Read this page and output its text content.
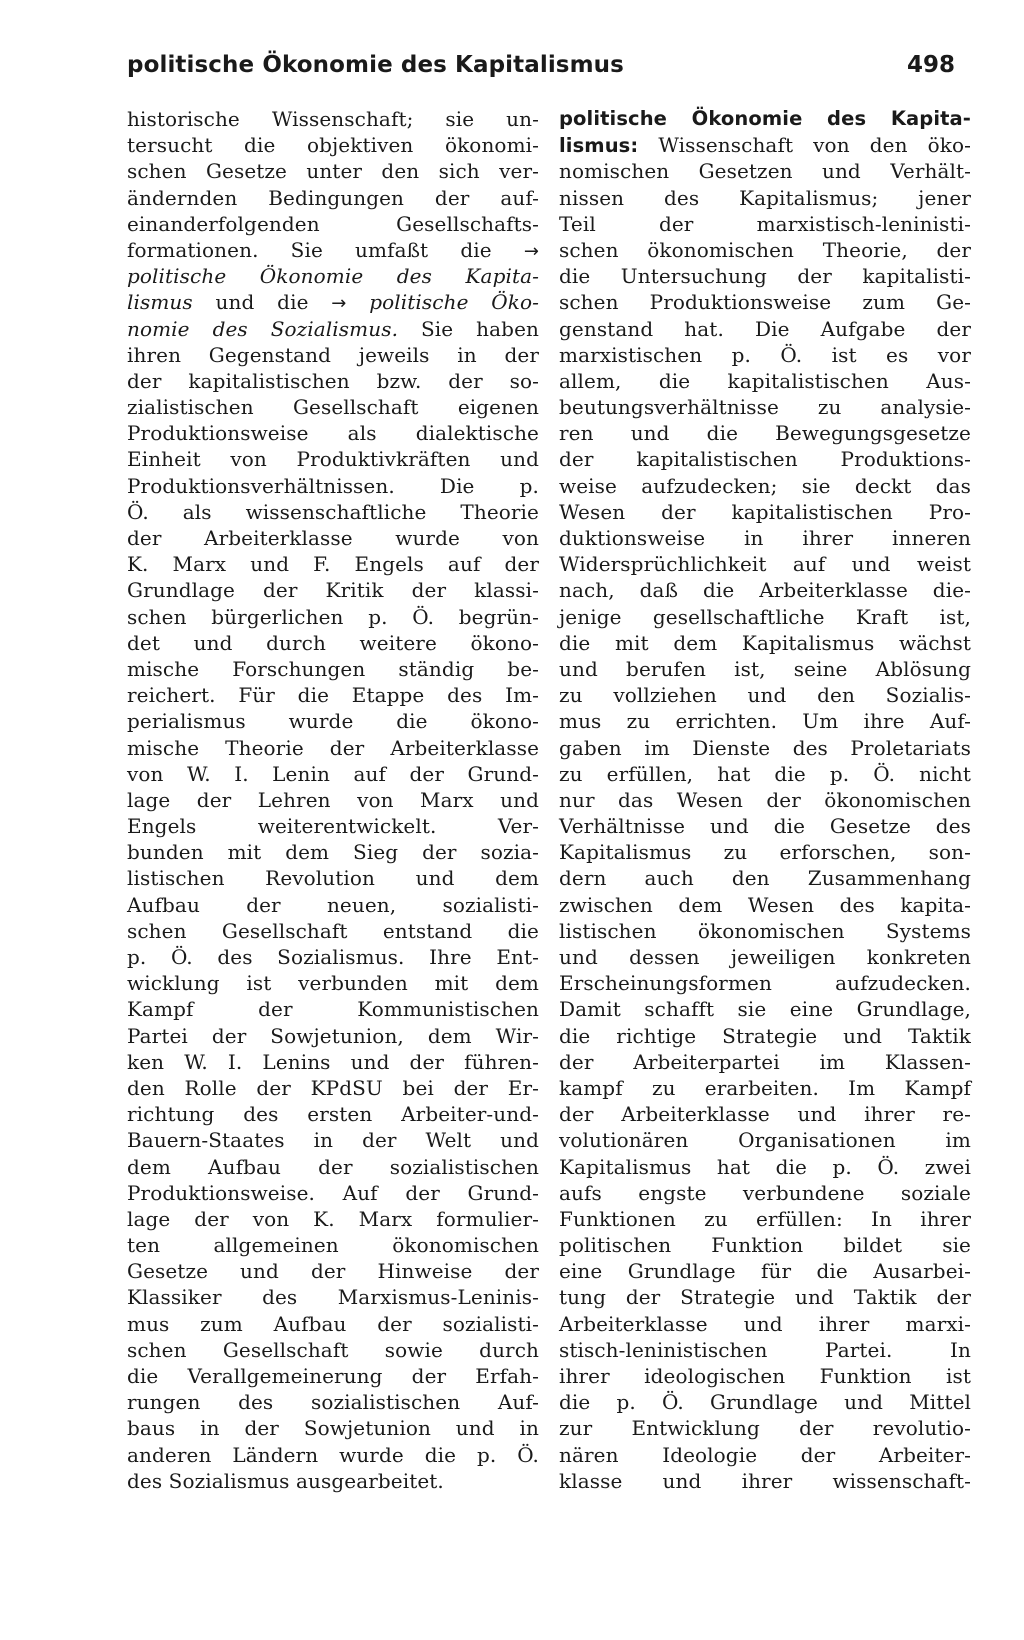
politische Ökonomie des Kapitalismus	498
historische Wissenschaft; sie un-
tersucht die objektiven ökonomi-
schen Gesetze unter den sich ver-
ändernden Bedingungen der auf-
einanderfolgenden Gesellschafts-
formationen. Sie umfaßt die →
politische Ökonomie des Kapita-
lismus und die → politische Öko-
nomie des Sozialismus. Sie haben
ihren Gegenstand jeweils in der
der kapitalistischen bzw. der so-
zialistischen Gesellschaft eigenen
Produktionsweise als dialektische
Einheit von Produktivkräften und
Produktionsverhältnissen. Die p.
Ö. als wissenschaftliche Theorie
der Arbeiterklasse wurde von
K. Marx und F. Engels auf der
Grundlage der Kritik der klassi-
schen bürgerlichen p. Ö. begrün-
det und durch weitere ökono-
mische Forschungen ständig be-
reichert. Für die Etappe des Im-
perialismus wurde die ökono-
mische Theorie der Arbeiterklasse
von W. I. Lenin auf der Grund-
lage der Lehren von Marx und
Engels weiterentwickelt. Ver-
bunden mit dem Sieg der sozia-
listischen Revolution und dem
Aufbau der neuen, sozialisti-
schen Gesellschaft entstand die
p. Ö. des Sozialismus. Ihre Ent-
wicklung ist verbunden mit dem
Kampf der Kommunistischen
Partei der Sowjetunion, dem Wir-
ken W. I. Lenins und der führen-
den Rolle der KPdSU bei der Er-
richtung des ersten Arbeiter-und-
Bauern-Staates in der Welt und
dem Aufbau der sozialistischen
Produktionsweise. Auf der Grund-
lage der von K. Marx formulier-
ten allgemeinen ökonomischen
Gesetze und der Hinweise der
Klassiker des Marxismus-Leninis-
mus zum Aufbau der sozialisti-
schen Gesellschaft sowie durch
die Verallgemeinerung der Erfah-
rungen des sozialistischen Auf-
baus in der Sowjetunion und in
anderen Ländern wurde die p. Ö.
des Sozialismus ausgearbeitet.
politische Ökonomie des Kapita-
lismus: Wissenschaft von den öko-
nomischen Gesetzen und Verhält-
nissen des Kapitalismus; jener
Teil der marxistisch-leninisti-
schen ökonomischen Theorie, der
die Untersuchung der kapitalisti-
schen Produktionsweise zum Ge-
genstand hat. Die Aufgabe der
marxistischen p. Ö. ist es vor
allem, die kapitalistischen Aus-
beutungsverhältnisse zu analysie-
ren und die Bewegungsgesetze
der kapitalistischen Produktions-
weise aufzudecken; sie deckt das
Wesen der kapitalistischen Pro-
duktionsweise in ihrer inneren
Widersprüchlichkeit auf und weist
nach, daß die Arbeiterklasse die-
jenige gesellschaftliche Kraft ist,
die mit dem Kapitalismus wächst
und berufen ist, seine Ablösung
zu vollziehen und den Sozialis-
mus zu errichten. Um ihre Auf-
gaben im Dienste des Proletariats
zu erfüllen, hat die p. Ö. nicht
nur das Wesen der ökonomischen
Verhältnisse und die Gesetze des
Kapitalismus zu erforschen, son-
dern auch den Zusammenhang
zwischen dem Wesen des kapita-
listischen ökonomischen Systems
und dessen jeweiligen konkreten
Erscheinungsformen aufzudecken.
Damit schafft sie eine Grundlage,
die richtige Strategie und Taktik
der Arbeiterpartei im Klassen-
kampf zu erarbeiten. Im Kampf
der Arbeiterklasse und ihrer re-
volutionären Organisationen im
Kapitalismus hat die p. Ö. zwei
aufs engste verbundene soziale
Funktionen zu erfüllen: In ihrer
politischen Funktion bildet sie
eine Grundlage für die Ausarbei-
tung der Strategie und Taktik der
Arbeiterklasse und ihrer marxi-
stisch-leninistischen Partei. In
ihrer ideologischen Funktion ist
die p. Ö. Grundlage und Mittel
zur Entwicklung der revolutio-
nären Ideologie der Arbeiter-
klasse und ihrer wissenschaft-
